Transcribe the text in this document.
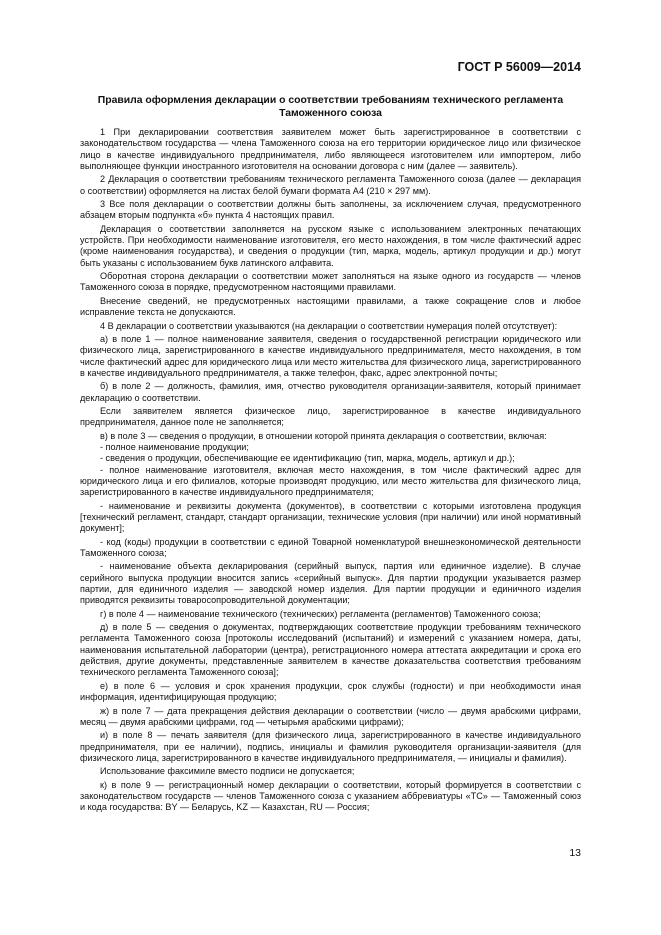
ГОСТ Р 56009—2014
Правила оформления декларации о соответствии требованиям технического регламента Таможенного союза

1 При декларировании соответствия заявителем может быть зарегистрированное в соответствии с законодательством государства — члена Таможенного союза на его территории юридическое лицо или физическое лицо в качестве индивидуального предпринимателя, либо являющееся изготовителем или импортером, либо выполняющее функции иностранного изготовителя на основании договора с ним (далее — заявитель).

2 Декларация о соответствии требованиям технического регламента Таможенного союза (далее — декларация о соответствии) оформляется на листах белой бумаги формата А4 (210 × 297 мм).

3 Все поля декларации о соответствии должны быть заполнены, за исключением случая, предусмотренного абзацем вторым подпункта «б» пункта 4 настоящих правил.

Декларация о соответствии заполняется на русском языке с использованием электронных печатающих устройств. При необходимости наименование изготовителя, его место нахождения, в том числе фактический адрес (кроме наименования государства), и сведения о продукции (тип, марка, модель, артикул продукции и др.) могут быть указаны с использованием букв латинского алфавита.

Оборотная сторона декларации о соответствии может заполняться на языке одного из государств — членов Таможенного союза в порядке, предусмотренном настоящими правилами.

Внесение сведений, не предусмотренных настоящими правилами, а также сокращение слов и любое исправление текста не допускаются.

4 В декларации о соответствии указываются (на декларации о соответствии нумерация полей отсутствует):

а) в поле 1 — полное наименование заявителя, сведения о государственной регистрации юридического или физического лица, зарегистрированного в качестве индивидуального предпринимателя, место нахождения, в том числе фактический адрес для юридического лица или место жительства для физического лица, зарегистрированного в качестве индивидуального предпринимателя, а также телефон, факс, адрес электронной почты;

б) в поле 2 — должность, фамилия, имя, отчество руководителя организации-заявителя, который принимает декларацию о соответствии.

Если заявителем является физическое лицо, зарегистрированное в качестве индивидуального предпринимателя, данное поле не заполняется;

в) в поле 3 — сведения о продукции, в отношении которой принята декларация о соответствии, включая:

- полное наименование продукции;

- сведения о продукции, обеспечивающие ее идентификацию (тип, марка, модель, артикул и др.);

- полное наименование изготовителя, включая место нахождения, в том числе фактический адрес для юридического лица и его филиалов, которые производят продукцию, или место жительства для физического лица, зарегистрированного в качестве индивидуального предпринимателя;

- наименование и реквизиты документа (документов), в соответствии с которыми изготовлена продукция [технический регламент, стандарт, стандарт организации, технические условия (при наличии) или иной нормативный документ];

- код (коды) продукции в соответствии с единой Товарной номенклатурой внешнеэкономической деятельности Таможенного союза;

- наименование объекта декларирования (серийный выпуск, партия или единичное изделие). В случае серийного выпуска продукции вносится запись «серийный выпуск». Для партии продукции указывается размер партии, для единичного изделия — заводской номер изделия. Для партии продукции и единичного изделия приводятся реквизиты товаросопроводительной документации;

г) в поле 4 — наименование технического (технических) регламента (регламентов) Таможенного союза;

д) в поле 5 — сведения о документах, подтверждающих соответствие продукции требованиям технического регламента Таможенного союза [протоколы исследований (испытаний) и измерений с указанием номера, даты, наименования испытательной лаборатории (центра), регистрационного номера аттестата аккредитации и срока его действия, другие документы, представленные заявителем в качестве доказательства соответствия требованиям технического регламента Таможенного союза];

е) в поле 6 — условия и срок хранения продукции, срок службы (годности) и при необходимости иная информация, идентифицирующая продукцию;

ж) в поле 7 — дата прекращения действия декларации о соответствии (число — двумя арабскими цифрами, месяц — двумя арабскими цифрами, год — четырьмя арабскими цифрами);

и) в поле 8 — печать заявителя (для физического лица, зарегистрированного в качестве индивидуального предпринимателя, при ее наличии), подпись, инициалы и фамилия руководителя организации-заявителя (для физического лица, зарегистрированного в качестве индивидуального предпринимателя, — инициалы и фамилия).

Использование факсимиле вместо подписи не допускается;

к) в поле 9 — регистрационный номер декларации о соответствии, который формируется в соответствии с законодательством государств — членов Таможенного союза с указанием аббревиатуры «ТС» — Таможенный союз и кода государства: BY — Беларусь, KZ — Казахстан, RU — Россия;

13
